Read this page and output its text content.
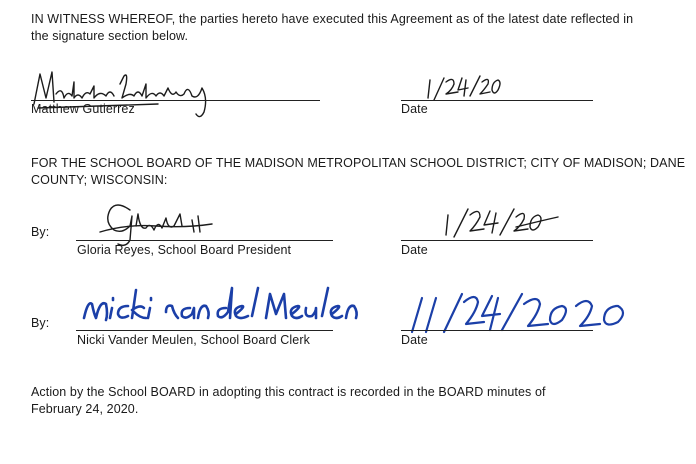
IN WITNESS WHEREOF, the parties hereto have executed this Agreement as of the latest date reflected in
the signature section below.
Matthew Gutierrez	Date
FOR THE SCHOOL BOARD OF THE MADISON METROPOLITAN SCHOOL DISTRICT; CITY OF MADISON; DANE
COUNTY; WISCONSIN:
By:
Gloria Reyes, School Board President	Date
By:
Nicki Vander Meulen, School Board Clerk	Date
Action by the School BOARD in adopting this contract is recorded in the BOARD minutes of
February 24, 2020.
